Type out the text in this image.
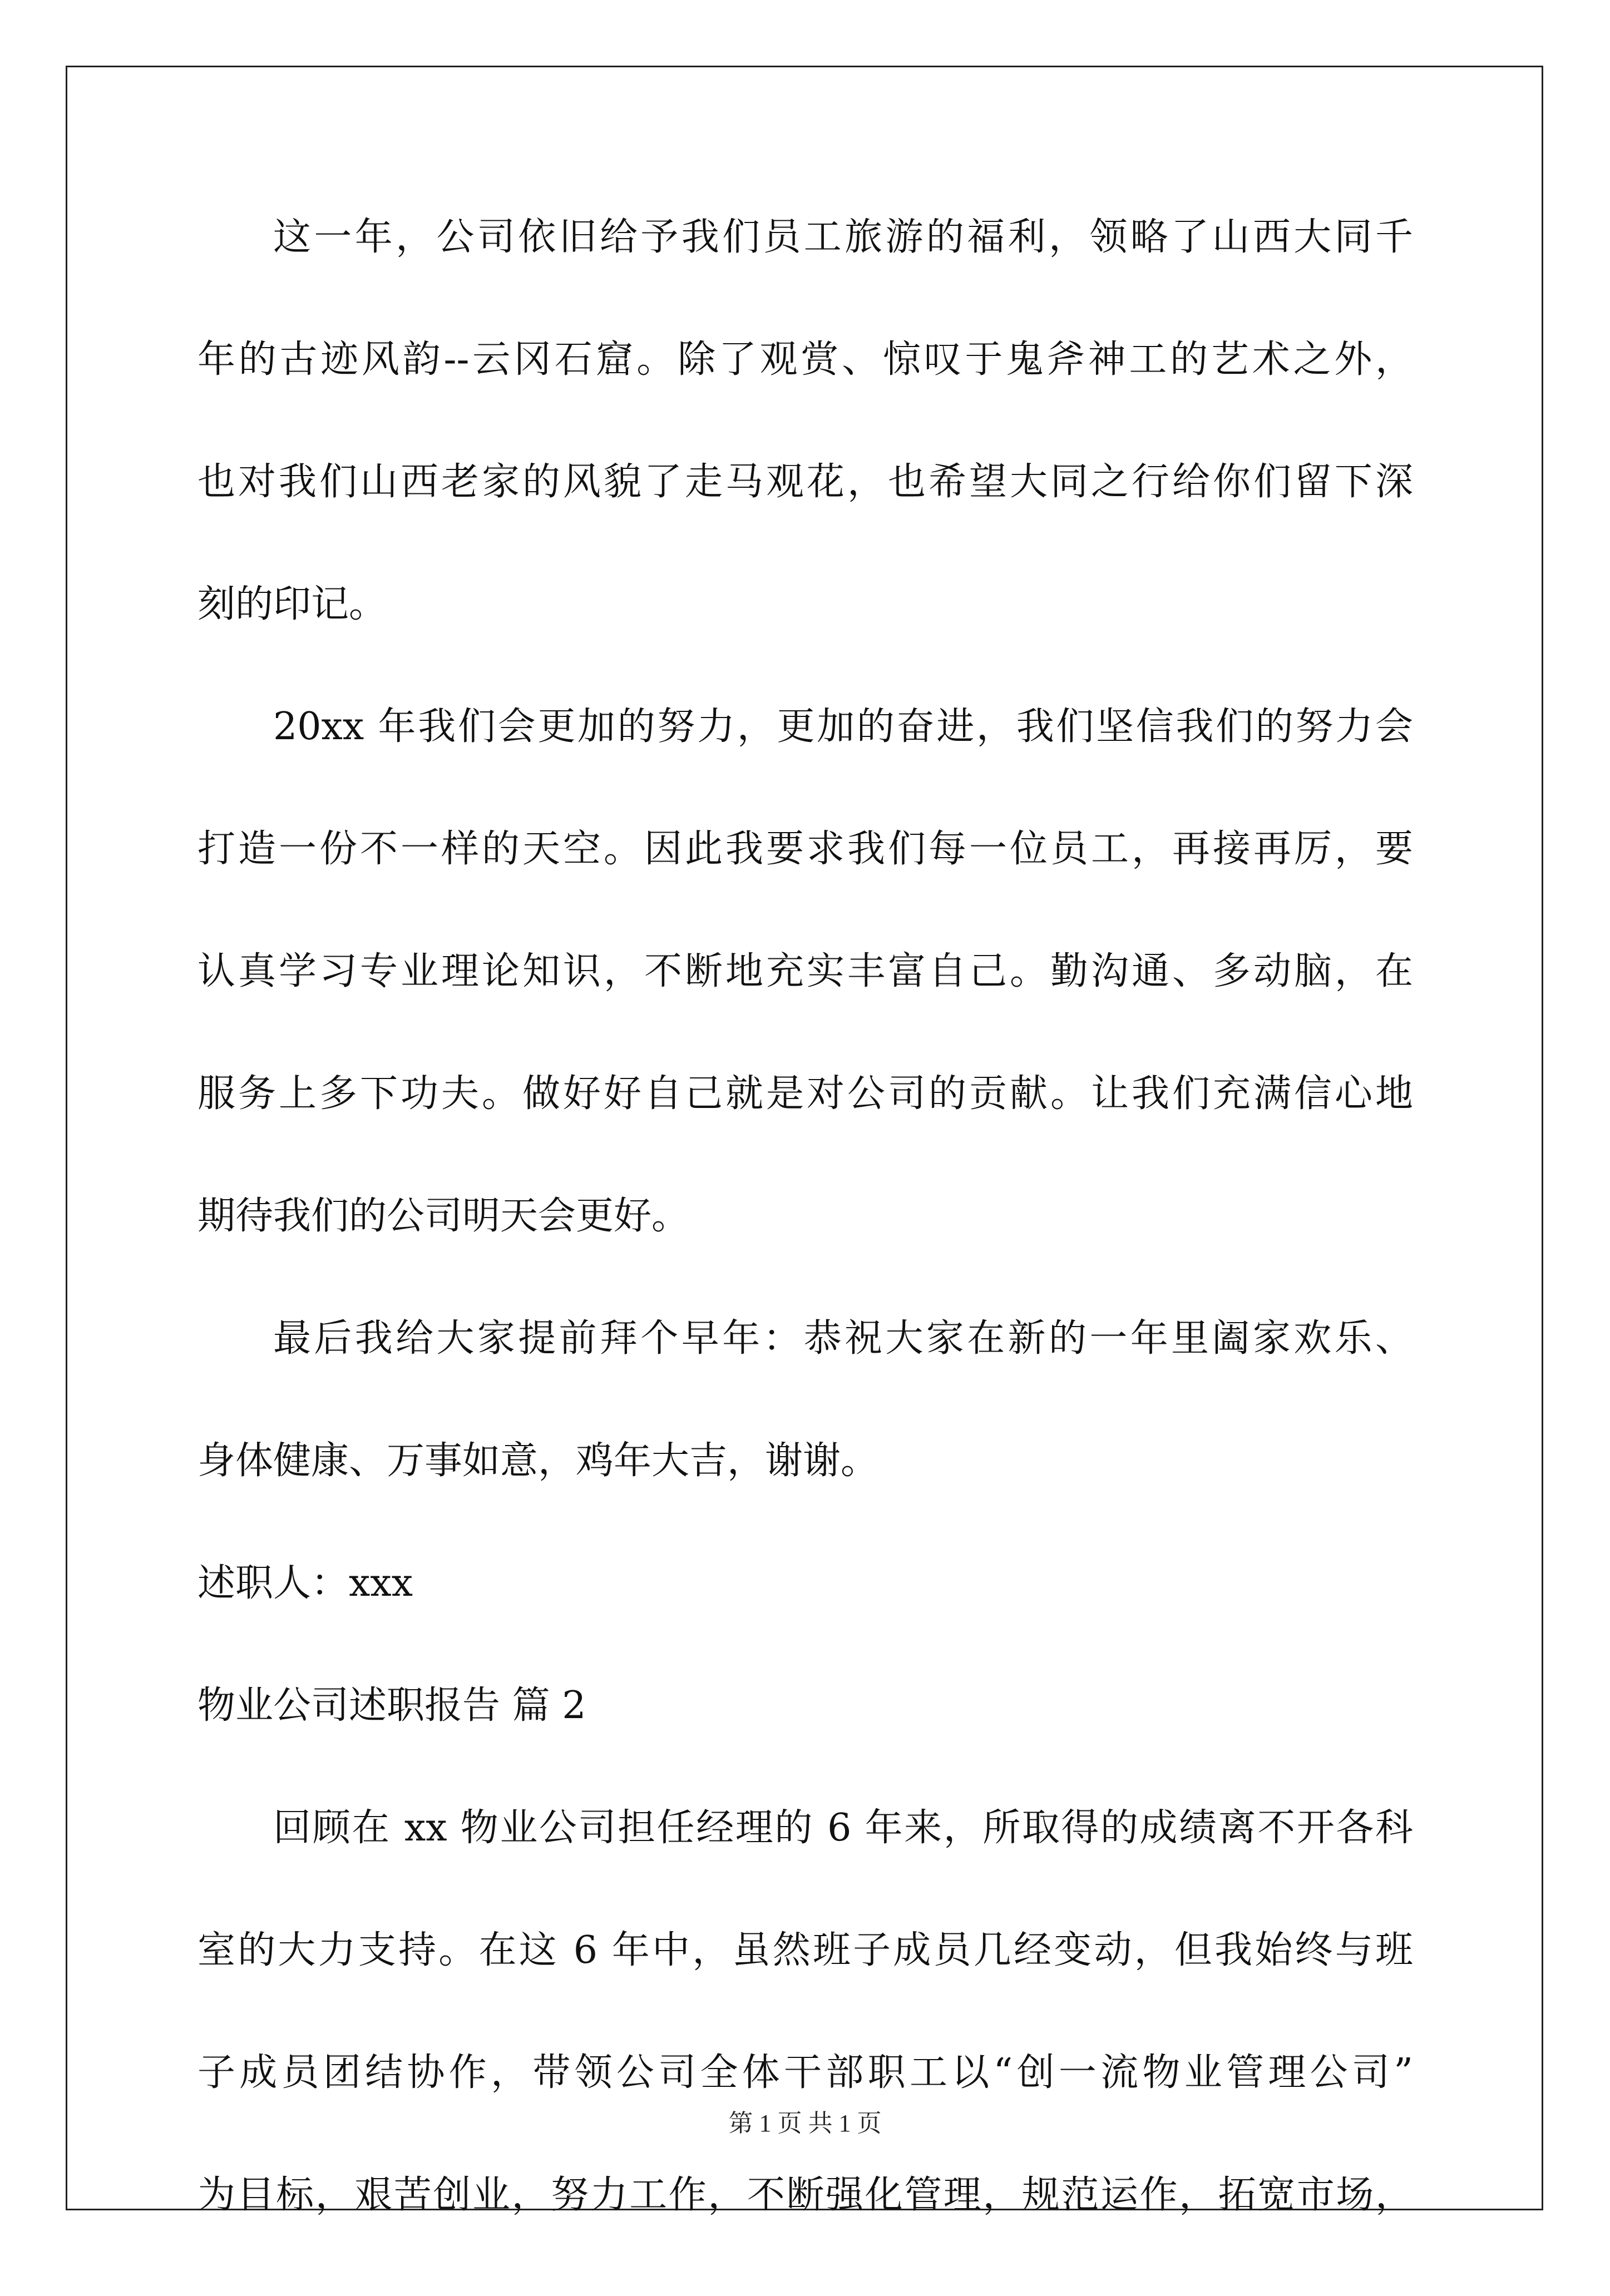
这一年，公司依旧给予我们员工旅游的福利，领略了山西大同千
年的古迹风韵--云冈石窟。除了观赏、惊叹于鬼斧神工的艺术之外，
也对我们山西老家的风貌了走马观花，也希望大同之行给你们留下深
刻的印记。
20xx 年我们会更加的努力，更加的奋进，我们坚信我们的努力会
打造一份不一样的天空。因此我要求我们每一位员工，再接再厉，要
认真学习专业理论知识，不断地充实丰富自己。勤沟通、多动脑，在
服务上多下功夫。做好好自己就是对公司的贡献。让我们充满信心地
期待我们的公司明天会更好。
最后我给大家提前拜个早年：恭祝大家在新的一年里阖家欢乐、
身体健康、万事如意，鸡年大吉，谢谢。
述职人：xxx
物业公司述职报告 篇 2
回顾在 xx 物业公司担任经理的 6 年来，所取得的成绩离不开各科
室的大力支持。在这 6 年中，虽然班子成员几经变动，但我始终与班
子成员团结协作，带领公司全体干部职工以“创一流物业管理公司”
为目标，艰苦创业，努力工作，不断强化管理，规范运作，拓宽市场，
第 1 页 共 1 页
